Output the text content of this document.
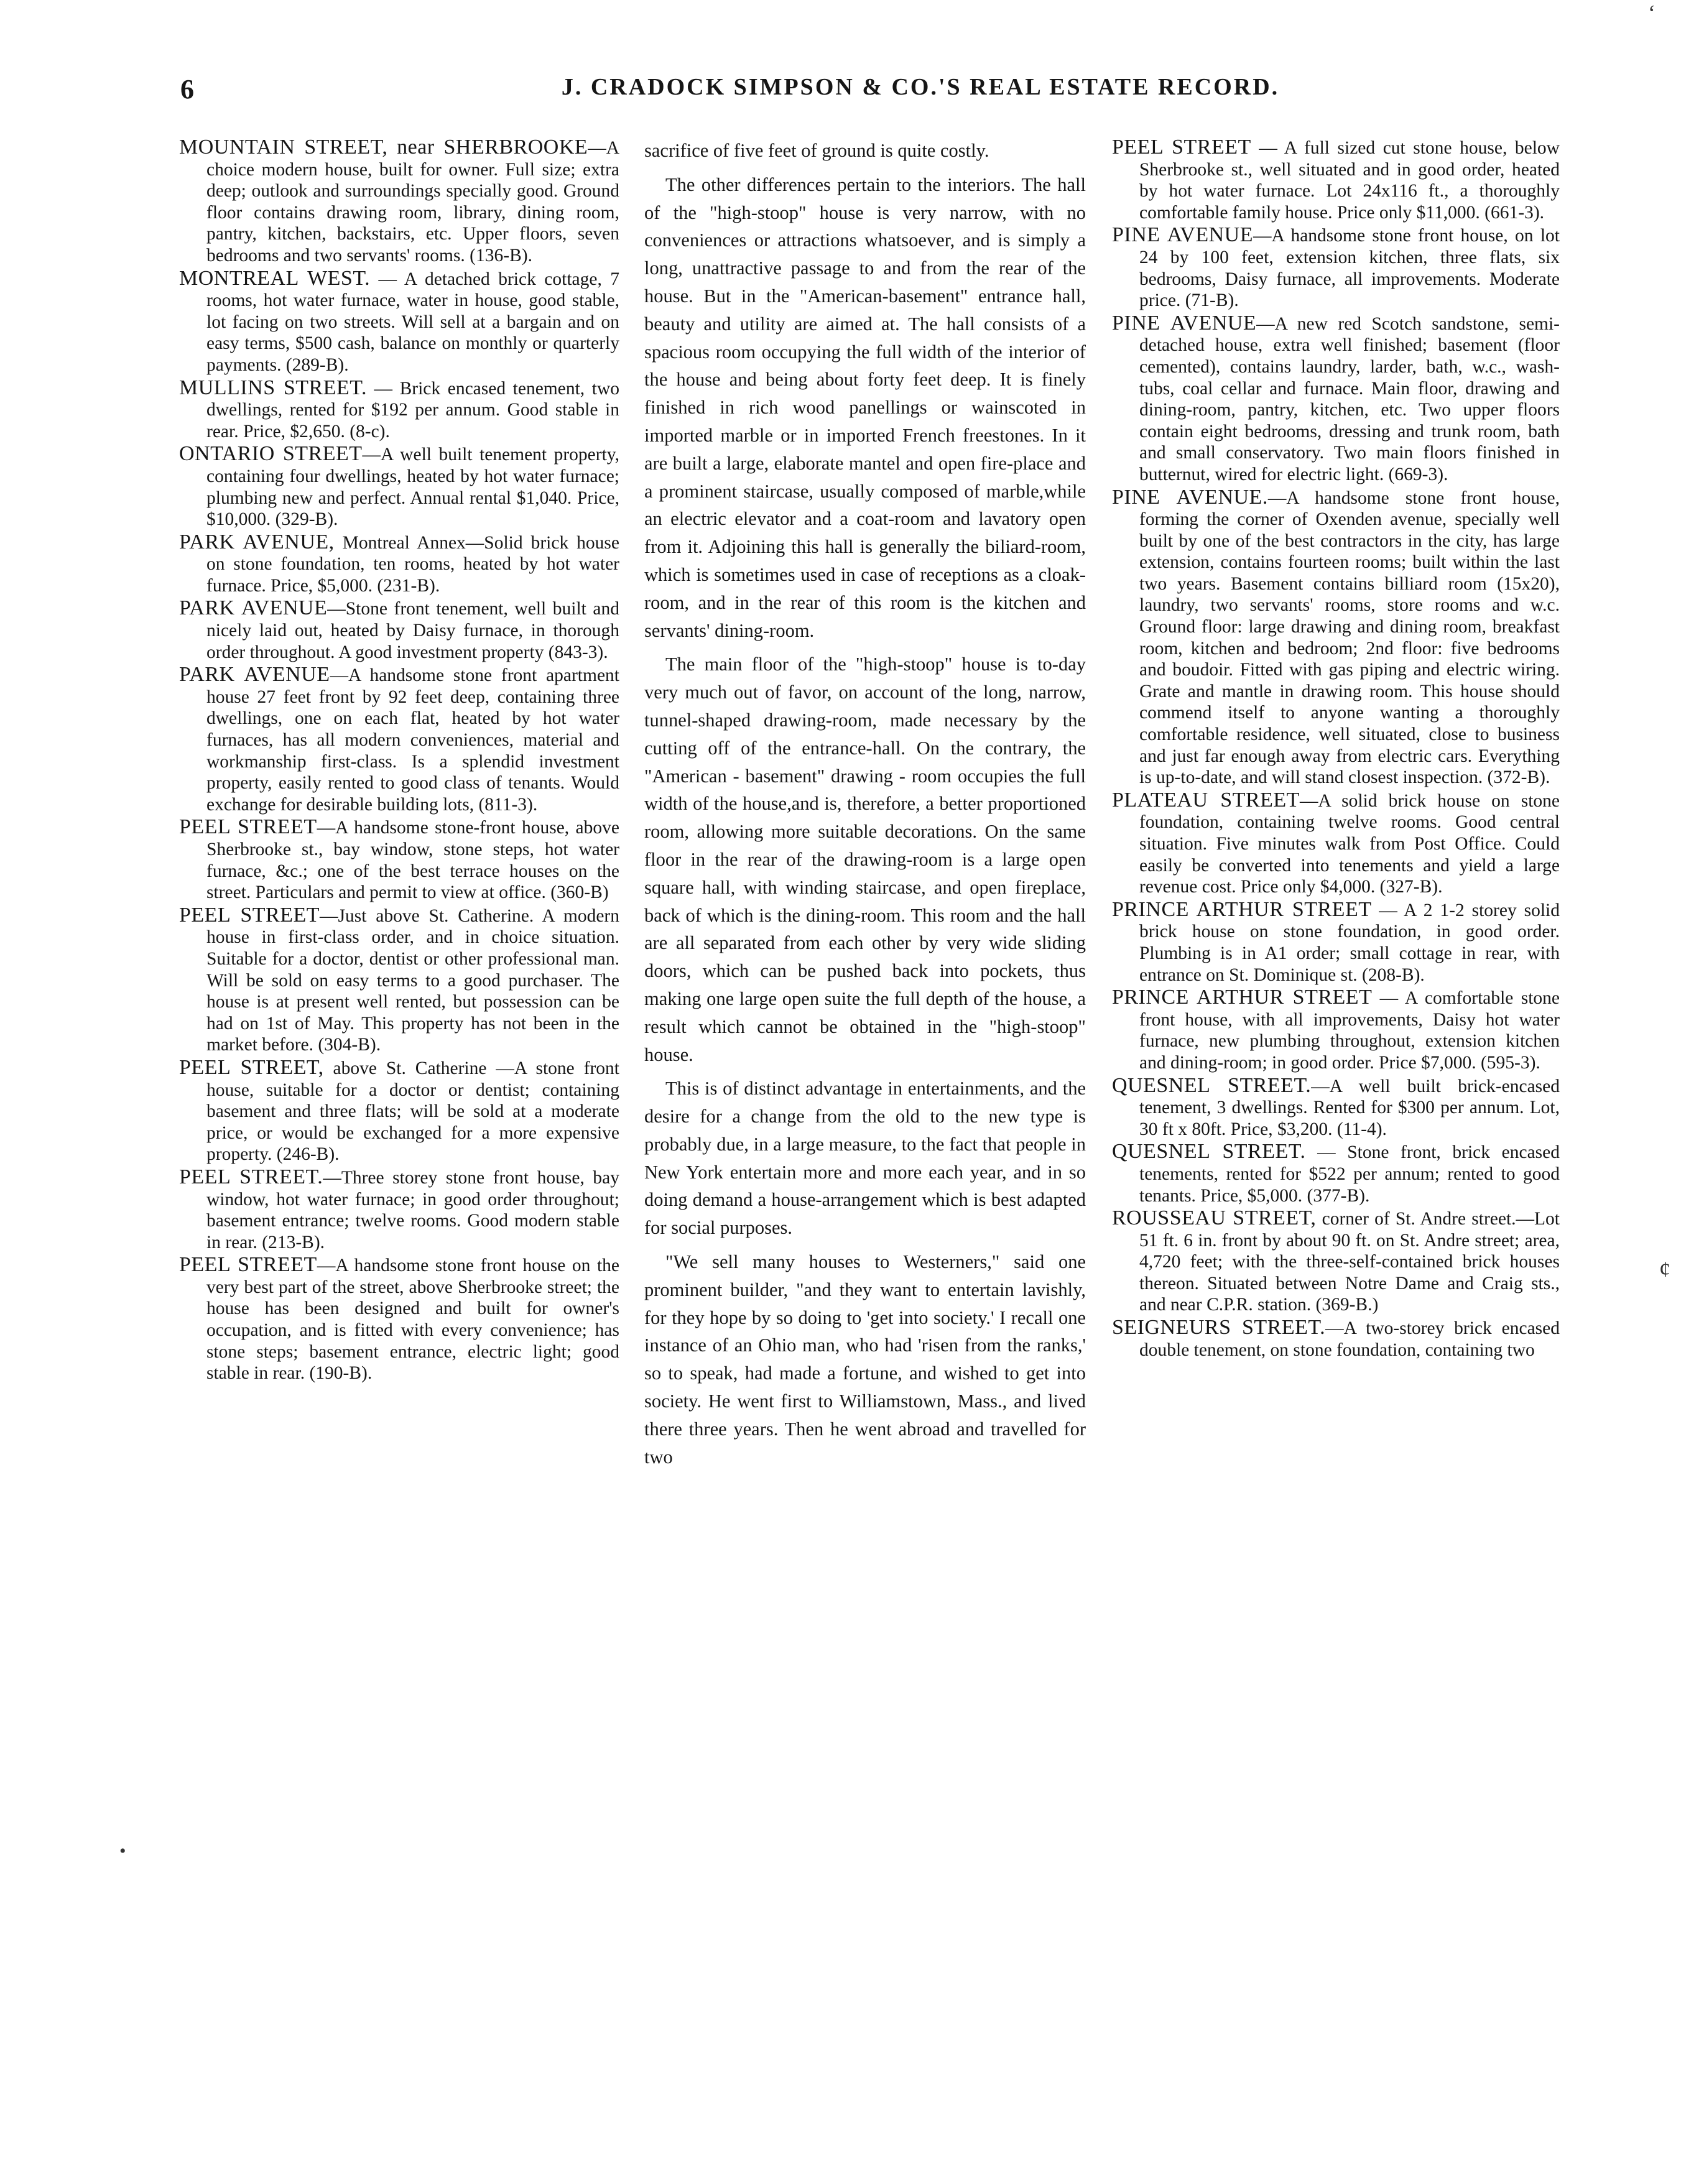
6	J. CRADOCK SIMPSON & CO.'S REAL ESTATE RECORD.

MOUNTAIN STREET, near SHERBROOKE—A choice modern house, built for owner. Full size; extra deep; outlook and surroundings specially good. Ground floor contains drawing room, library, dining room, pantry, kitchen, backstairs, etc. Upper floors, seven bedrooms and two servants' rooms. (136-B).

MONTREAL WEST. — A detached brick cottage, 7 rooms, hot water furnace, water in house, good stable, lot facing on two streets. Will sell at a bargain and on easy terms, $500 cash, balance on monthly or quarterly payments. (289-B).

MULLINS STREET. — Brick encased tenement, two dwellings, rented for $192 per annum. Good stable in rear. Price, $2,650. (8-c).

ONTARIO STREET—A well built tenement property, containing four dwellings, heated by hot water furnace; plumbing new and perfect. Annual rental $1,040. Price, $10,000. (329-B).

PARK AVENUE, Montreal Annex—Solid brick house on stone foundation, ten rooms, heated by hot water furnace. Price, $5,000. (231-B).

PARK AVENUE—Stone front tenement, well built and nicely laid out, heated by Daisy furnace, in thorough order throughout. A good investment property (843-3).

PARK AVENUE—A handsome stone front apartment house 27 feet front by 92 feet deep, containing three dwellings, one on each flat, heated by hot water furnaces, has all modern conveniences, material and workmanship first-class. Is a splendid investment property, easily rented to good class of tenants. Would exchange for desirable building lots, (811-3).

PEEL STREET—A handsome stone-front house, above Sherbrooke st., bay window, stone steps, hot water furnace, &c.; one of the best terrace houses on the street. Particulars and permit to view at office. (360-B)

PEEL STREET—Just above St. Catherine. A modern house in first-class order, and in choice situation. Suitable for a doctor, dentist or other professional man. Will be sold on easy terms to a good purchaser. The house is at present well rented, but possession can be had on 1st of May. This property has not been in the market before. (304-B).

PEEL STREET, above St. Catherine —A stone front house, suitable for a doctor or dentist; containing basement and three flats; will be sold at a moderate price, or would be exchanged for a more expensive property. (246-B).

PEEL STREET.—Three storey stone front house, bay window, hot water furnace; in good order throughout; basement entrance; twelve rooms. Good modern stable in rear. (213-B).

PEEL STREET—A handsome stone front house on the very best part of the street, above Sherbrooke street; the house has been designed and built for owner's occupation, and is fitted with every convenience; has stone steps; basement entrance, electric light; good stable in rear. (190-B).

sacrifice of five feet of ground is quite costly.

The other differences pertain to the interiors. The hall of the "high-stoop" house is very narrow, with no conveniences or attractions whatsoever, and is simply a long, unattractive passage to and from the rear of the house. But in the "American-basement" entrance hall, beauty and utility are aimed at. The hall consists of a spacious room occupying the full width of the interior of the house and being about forty feet deep. It is finely finished in rich wood panellings or wainscoted in imported marble or in imported French freestones. In it are built a large, elaborate mantel and open fire-place and a prominent staircase, usually composed of marble,while an electric elevator and a coat-room and lavatory open from it. Adjoining this hall is generally the biliard-room, which is sometimes used in case of receptions as a cloak-room, and in the rear of this room is the kitchen and servants' dining-room.

The main floor of the "high-stoop" house is to-day very much out of favor, on account of the long, narrow, tunnel-shaped drawing-room, made necessary by the cutting off of the entrance-hall. On the contrary, the "American - basement" drawing - room occupies the full width of the house,and is, therefore, a better proportioned room, allowing more suitable decorations. On the same floor in the rear of the drawing-room is a large open square hall, with winding staircase, and open fireplace, back of which is the dining-room. This room and the hall are all separated from each other by very wide sliding doors, which can be pushed back into pockets, thus making one large open suite the full depth of the house, a result which cannot be obtained in the "high-stoop" house.

This is of distinct advantage in entertainments, and the desire for a change from the old to the new type is probably due, in a large measure, to the fact that people in New York entertain more and more each year, and in so doing demand a house-arrangement which is best adapted for social purposes.

"We sell many houses to Westerners," said one prominent builder, "and they want to entertain lavishly, for they hope by so doing to 'get into society.' I recall one instance of an Ohio man, who had 'risen from the ranks,' so to speak, had made a fortune, and wished to get into society. He went first to Williamstown, Mass., and lived there three years. Then he went abroad and travelled for two

PEEL STREET — A full sized cut stone house, below Sherbrooke st., well situated and in good order, heated by hot water furnace. Lot 24x116 ft., a thoroughly comfortable family house. Price only $11,000. (661-3).

PINE AVENUE—A handsome stone front house, on lot 24 by 100 feet, extension kitchen, three flats, six bedrooms, Daisy furnace, all improvements. Moderate price. (71-B).

PINE AVENUE—A new red Scotch sandstone, semi-detached house, extra well finished; basement (floor cemented), contains laundry, larder, bath, w.c., wash-tubs, coal cellar and furnace. Main floor, drawing and dining-room, pantry, kitchen, etc. Two upper floors contain eight bedrooms, dressing and trunk room, bath and small conservatory. Two main floors finished in butternut, wired for electric light. (669-3).

PINE AVENUE.—A handsome stone front house, forming the corner of Oxenden avenue, specially well built by one of the best contractors in the city, has large extension, contains fourteen rooms; built within the last two years. Basement contains billiard room (15x20), laundry, two servants' rooms, store rooms and w.c. Ground floor: large drawing and dining room, breakfast room, kitchen and bedroom; 2nd floor: five bedrooms and boudoir. Fitted with gas piping and electric wiring. Grate and mantle in drawing room. This house should commend itself to anyone wanting a thoroughly comfortable residence, well situated, close to business and just far enough away from electric cars. Everything is up-to-date, and will stand closest inspection. (372-B).

PLATEAU STREET—A solid brick house on stone foundation, containing twelve rooms. Good central situation. Five minutes walk from Post Office. Could easily be converted into tenements and yield a large revenue cost. Price only $4,000. (327-B).

PRINCE ARTHUR STREET — A 2 1-2 storey solid brick house on stone foundation, in good order. Plumbing is in A1 order; small cottage in rear, with entrance on St. Dominique st. (208-B).

PRINCE ARTHUR STREET — A comfortable stone front house, with all improvements, Daisy hot water furnace, new plumbing throughout, extension kitchen and dining-room; in good order. Price $7,000. (595-3).

QUESNEL STREET.—A well built brick-encased tenement, 3 dwellings. Rented for $300 per annum. Lot, 30 ft x 80ft. Price, $3,200. (11-4).

QUESNEL STREET. — Stone front, brick encased tenements, rented for $522 per annum; rented to good tenants. Price, $5,000. (377-B).

ROUSSEAU STREET, corner of St. Andre street.—Lot 51 ft. 6 in. front by about 90 ft. on St. Andre street; area, 4,720 feet; with the three-self-contained brick houses thereon. Situated between Notre Dame and Craig sts., and near C.P.R. station. (369-B.)

SEIGNEURS STREET.—A two-storey brick encased double tenement, on stone foundation, containing two

‘
¢
•
